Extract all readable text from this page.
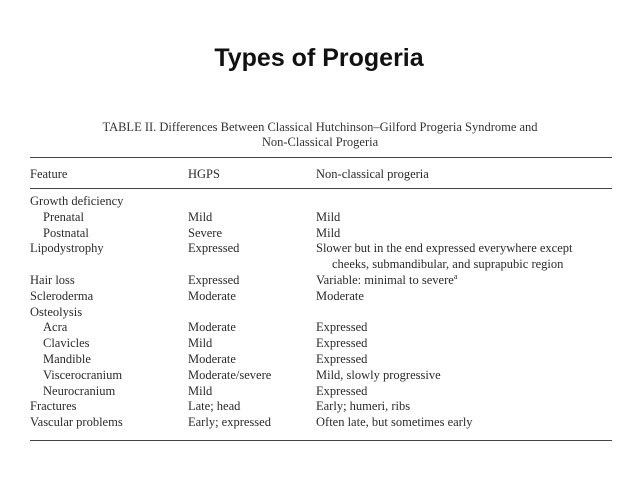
Types of Progeria
TABLE II. Differences Between Classical Hutchinson–Gilford Progeria Syndrome and
Non-Classical Progeria
Feature	HGPS	Non-classical progeria
Growth deficiency
Prenatal	Mild	Mild
Postnatal	Severe	Mild
Lipodystrophy	Expressed	Slower but in the end expressed everywhere except
cheeks, submandibular, and suprapubic region
Hair loss	Expressed	Variable: minimal to severe$^a$
Scleroderma	Moderate	Moderate
Osteolysis
Acra	Moderate	Expressed
Clavicles	Mild	Expressed
Mandible	Moderate	Expressed
Viscerocranium	Moderate/severe	Mild, slowly progressive
Neurocranium	Mild	Expressed
Fractures	Late; head	Early; humeri, ribs
Vascular problems	Early; expressed	Often late, but sometimes early
